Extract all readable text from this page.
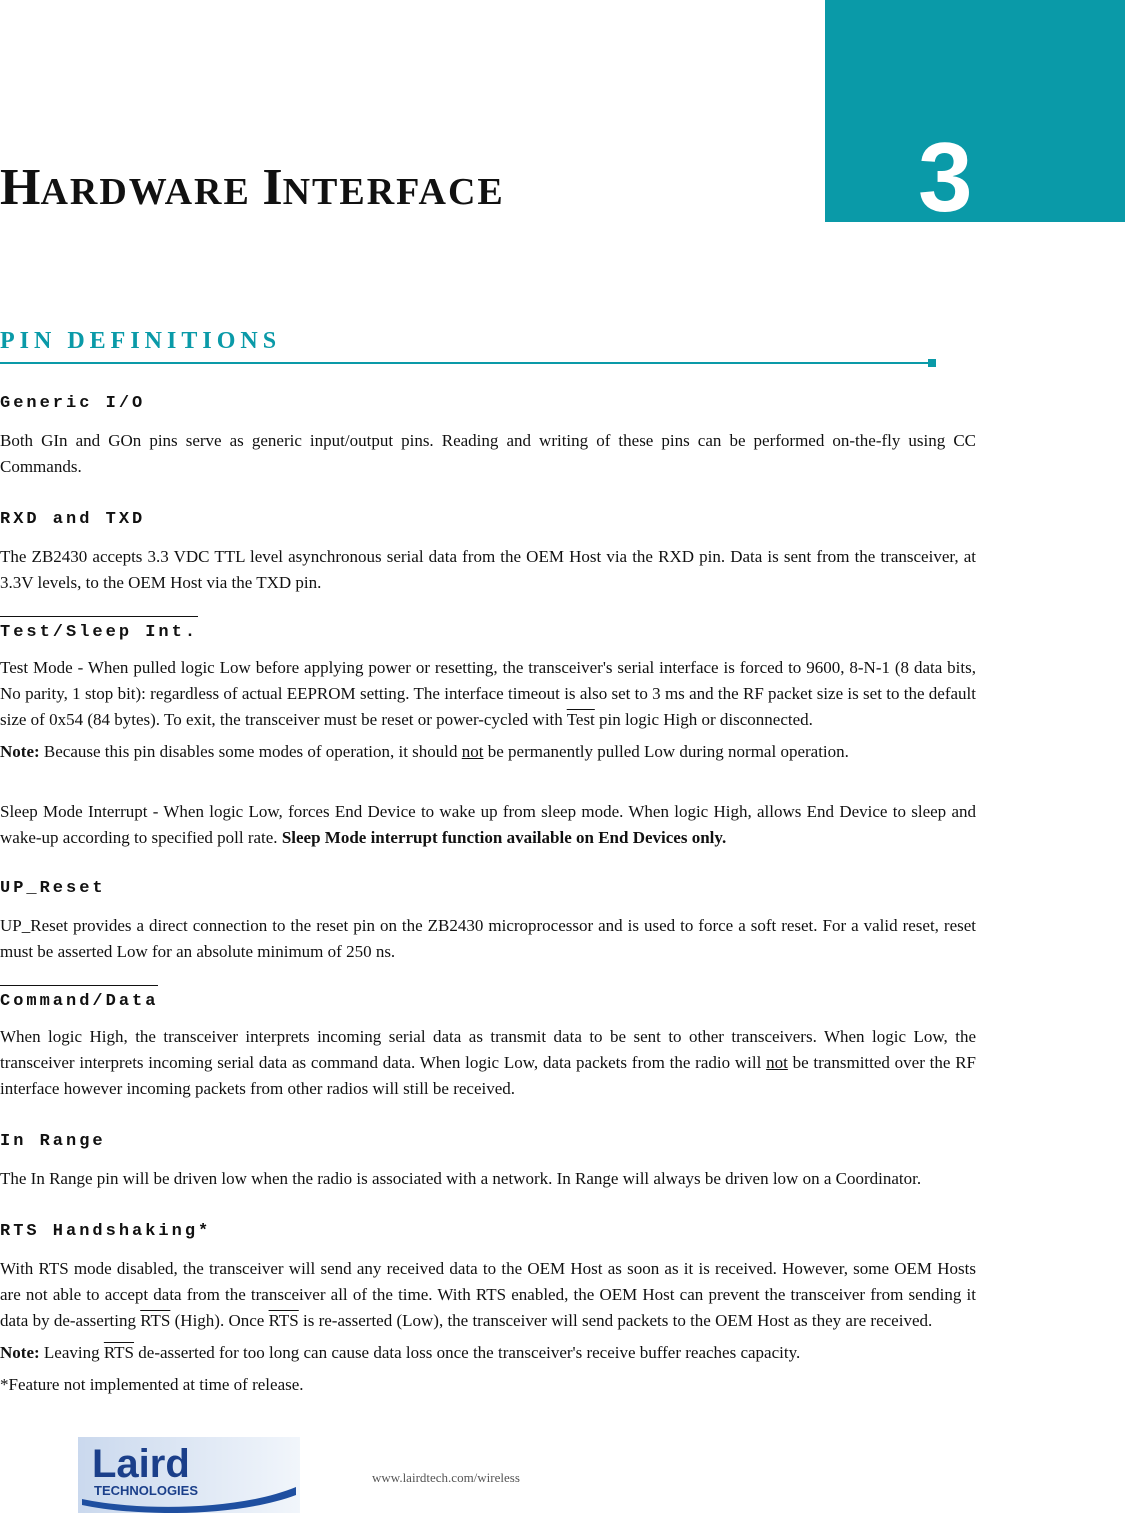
3
HARDWARE INTERFACE
PIN DEFINITIONS
Generic I/O

Both GIn and GOn pins serve as generic input/output pins. Reading and writing of these pins can be performed on-the-fly using CC Commands.

RXD and TXD

The ZB2430 accepts 3.3 VDC TTL level asynchronous serial data from the OEM Host via the RXD pin. Data is sent from the transceiver, at 3.3V levels, to the OEM Host via the TXD pin.

Test/Sleep Int.

Test Mode - When pulled logic Low before applying power or resetting, the transceiver's serial interface is forced to 9600, 8-N-1 (8 data bits, No parity, 1 stop bit): regardless of actual EEPROM setting. The interface timeout is also set to 3 ms and the RF packet size is set to the default size of 0x54 (84 bytes). To exit, the transceiver must be reset or power-cycled with Test pin logic High or disconnected.

Note: Because this pin disables some modes of operation, it should not be permanently pulled Low during normal operation.

Sleep Mode Interrupt - When logic Low, forces End Device to wake up from sleep mode. When logic High, allows End Device to sleep and wake-up according to specified poll rate. Sleep Mode interrupt function available on End Devices only.

UP_Reset

UP_Reset provides a direct connection to the reset pin on the ZB2430 microprocessor and is used to force a soft reset. For a valid reset, reset must be asserted Low for an absolute minimum of 250 ns.

Command/Data

When logic High, the transceiver interprets incoming serial data as transmit data to be sent to other transceivers. When logic Low, the transceiver interprets incoming serial data as command data. When logic Low, data packets from the radio will not be transmitted over the RF interface however incoming packets from other radios will still be received.

In Range

The In Range pin will be driven low when the radio is associated with a network. In Range will always be driven low on a Coordinator.

RTS Handshaking*

With RTS mode disabled, the transceiver will send any received data to the OEM Host as soon as it is received. However, some OEM Hosts are not able to accept data from the transceiver all of the time. With RTS enabled, the OEM Host can prevent the transceiver from sending it data by de-asserting $\overline{RTS}$ (High). Once $\overline{RTS}$ is re-asserted (Low), the transceiver will send packets to the OEM Host as they are received.

Note: Leaving $\overline{RTS}$ de-asserted for too long can cause data loss once the transceiver's receive buffer reaches capacity.

*Feature not implemented at time of release.

Laird
TECHNOLOGIES
www.lairdtech.com/wireless
